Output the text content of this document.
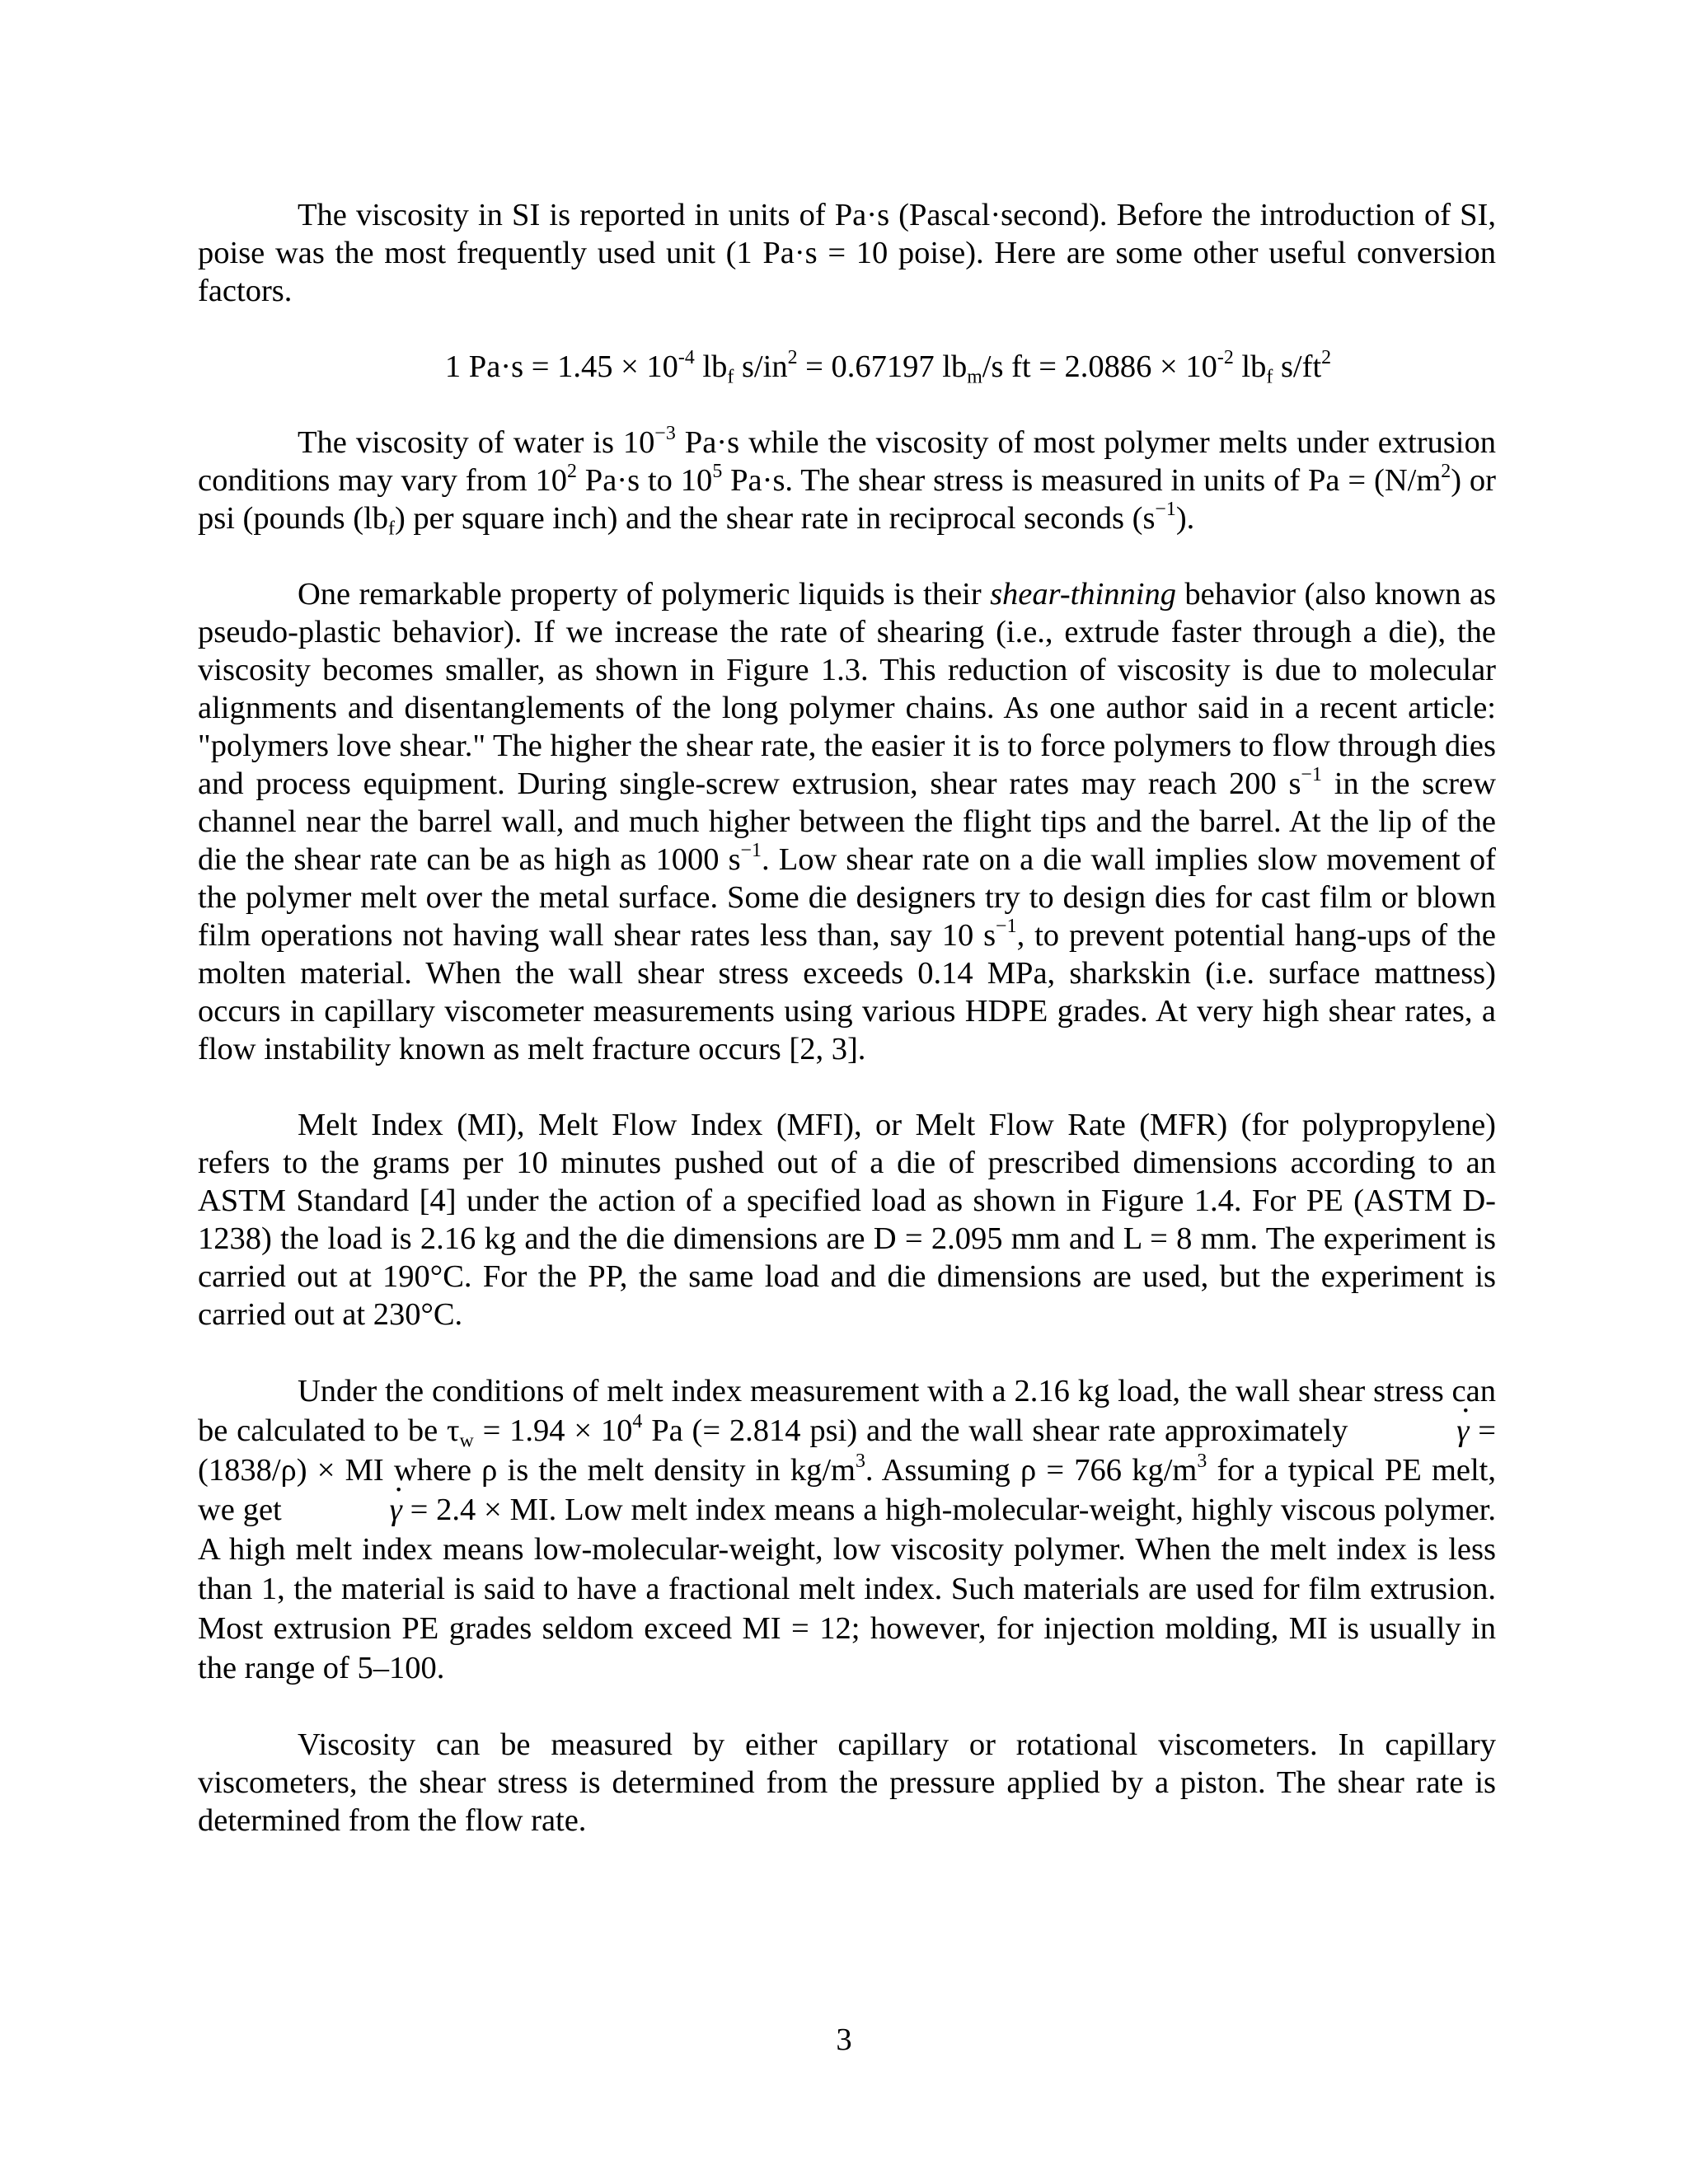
The viscosity in SI is reported in units of Pa·s (Pascal·second). Before the introduction of SI, poise was the most frequently used unit (1 Pa·s = 10 poise). Here are some other useful conversion factors.

1 $Pa\cdot s = 1.45 \times 10^{-4}$ $lb_f$ $s/in^2 = 0.67197$ $lb_m/s$ ft = $2.0886 \times 10^{-2}$ $lb_f$ $s/ft^2$

The viscosity of water is $10^{-3}$ Pa·s while the viscosity of most polymer melts under extrusion conditions may vary from $10^2$ Pa·s to $10^5$ Pa·s. The shear stress is measured in units of $Pa = (N/m^2)$ or psi (pounds $(lb_f)$ per square inch) and the shear rate in reciprocal seconds $(s^{-1})$.

One remarkable property of polymeric liquids is their shear-thinning behavior (also known as pseudo-plastic behavior). If we increase the rate of shearing (i.e., extrude faster through a die), the viscosity becomes smaller, as shown in Figure 1.3. This reduction of viscosity is due to molecular alignments and disentanglements of the long polymer chains. As one author said in a recent article: "polymers love shear." The higher the shear rate, the easier it is to force polymers to flow through dies and process equipment. During single-screw extrusion, shear rates may reach 200 $s^{-1}$ in the screw channel near the barrel wall, and much higher between the flight tips and the barrel. At the lip of the die the shear rate can be as high as 1000 $s^{-1}$. Low shear rate on a die wall implies slow movement of the polymer melt over the metal surface. Some die designers try to design dies for cast film or blown film operations not having wall shear rates less than, say 10 $s^{-1}$, to prevent potential hang-ups of the molten material. When the wall shear stress exceeds 0.14 MPa, sharkskin (i.e. surface mattness) occurs in capillary viscometer measurements using various HDPE grades. At very high shear rates, a flow instability known as melt fracture occurs [2, 3].

Melt Index (MI), Melt Flow Index (MFI), or Melt Flow Rate (MFR) (for polypropylene) refers to the grams per 10 minutes pushed out of a die of prescribed dimensions according to an ASTM Standard [4] under the action of a specified load as shown in Figure 1.4. For PE (ASTM D-1238) the load is 2.16 kg and the die dimensions are D = 2.095 mm and L = 8 mm. The experiment is carried out at 190°C. For the PP, the same load and die dimensions are used, but the experiment is carried out at 230°C.

Under the conditions of melt index measurement with a 2.16 kg load, the wall shear stress can be calculated to be $\tau_w = 1.94 \times 10^4$ Pa (= 2.814 psi) and the wall shear rate approximately	· γ = (1838/ρ) × MI where ρ is the melt density in $kg/m^3$. Assuming ρ = 766 $kg/m^3$ for a typical PE melt, we get	· γ = 2.4 × MI. Low melt index means a high-molecular-weight, highly viscous polymer. A high melt index means low-molecular-weight, low viscosity polymer. When the melt index is less than 1, the material is said to have a fractional melt index. Such materials are used for film extrusion. Most extrusion PE grades seldom exceed MI = 12; however, for injection molding, MI is usually in the range of 5–100.

Viscosity can be measured by either capillary or rotational viscometers. In capillary viscometers, the shear stress is determined from the pressure applied by a piston. The shear rate is determined from the flow rate.

3
